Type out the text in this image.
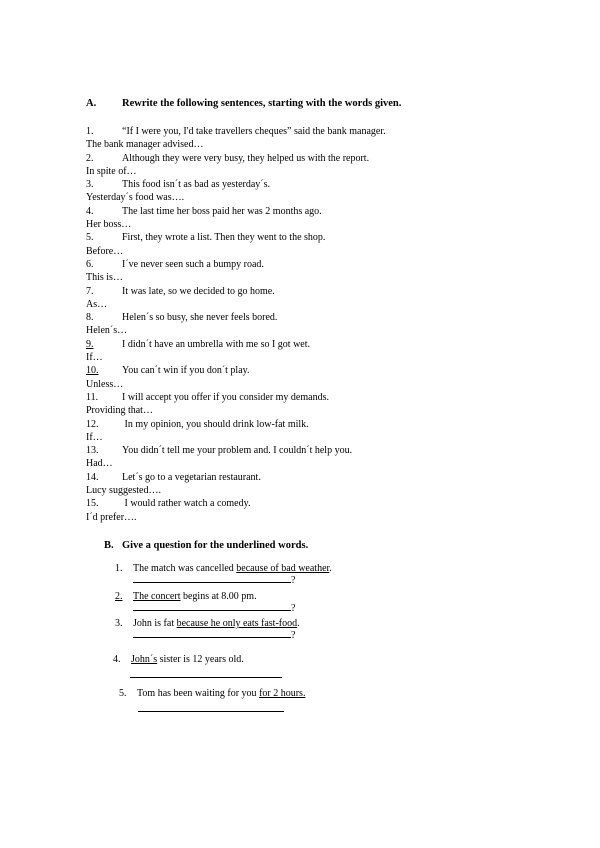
A. Rewrite the following sentences, starting with the words given.
1.	“If I were you, I'd take travellers cheques” said the bank manager.
The bank manager advised…
2.	Although they were very busy, they helped us with the report.
In spite of…
3.	This food isn´t as bad as yesterday´s.
Yesterday´s food was….
4.	The last time her boss paid her was 2 months ago.
Her boss…
5.	First, they wrote a list. Then they went to the shop.
Before…
6.	I´ve never seen such a bumpy road.
This is…
7.	It was late, so we decided to go home.
As…
8.	Helen´s so busy, she never feels bored.
Helen´s…
9.	I didn´t have an umbrella with me so I got wet.
If…
10. You can´t win if you don´t play.
Unless…
11. I will accept you offer if you consider my demands.
Providing that…
12. In my opinion, you should drink low-fat milk.
If…
13. You didn´t tell me your problem and. I couldn´t help you.
Had…
14. Let´s go to a vegetarian restaurant.
Lucy suggested….
15. I would rather watch a comedy.
I´d prefer….
B. Give a question for the underlined words.
1. The match was cancelled because of bad weather.
?
2. The concert begins at 8.00 pm.
?
3. John is fat because he only eats fast-food.
?
4. John´s sister is 12 years old.
5. Tom has been waiting for you for 2 hours.
